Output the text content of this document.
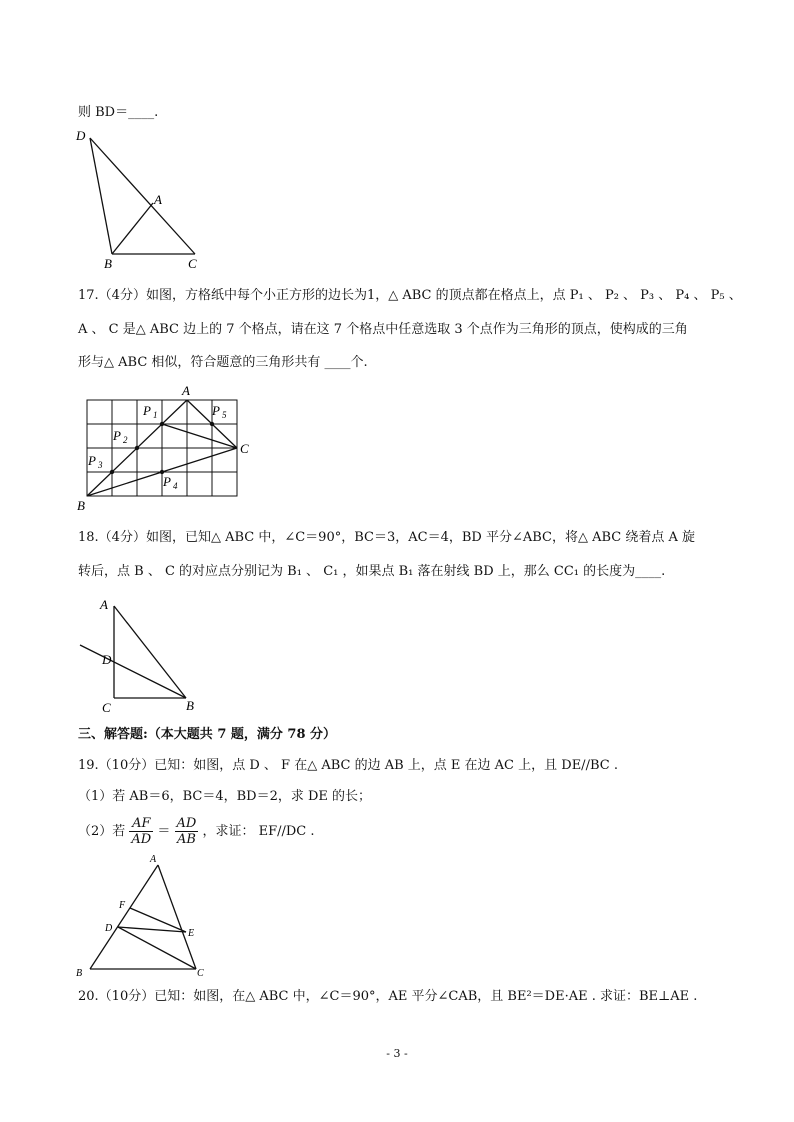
则 BD＝____.
D
A
B	C
17.（4分）如图，方格纸中每个小正方形的边长为1，△ ABC 的顶点都在格点上，点 P₁ 、 P₂ 、 P₃ 、 P₄ 、 P₅ 、
A 、 C 是△ ABC 边上的 7 个格点，请在这 7 个格点中任意选取 3 个点作为三角形的顶点，使构成的三角
形与△ ABC 相似，符合题意的三角形共有 ____个.
A
C
B
P 1	P 5
P 2
P 3
P 4
18.（4分）如图，已知△ ABC 中，∠C＝90°，BC＝3，AC＝4，BD 平分∠ABC，将△ ABC 绕着点 A 旋
转后，点 B 、 C 的对应点分别记为 B₁ 、 C₁ ，如果点 B₁ 落在射线 BD 上，那么 CC₁ 的长度为____.
A
D
C	B
三、解答题:（本大题共 7 题，满分 78 分）
19.（10分）已知：如图，点 D 、 F 在△ ABC 的边 AB 上，点 E 在边 AC 上，且 DE//BC .
（1）若 AB＝6，BC＝4，BD＝2，求 DE 的长；
（2）若 $\frac{AF}{AD} = \frac{AD}{AB}$ ，求证： EF//DC .
A
F
D	E
B	C
20.（10分）已知：如图，在△ ABC 中，∠C＝90°，AE 平分∠CAB，且 BE²＝DE·AE . 求证：BE⊥AE .
- 3 -
